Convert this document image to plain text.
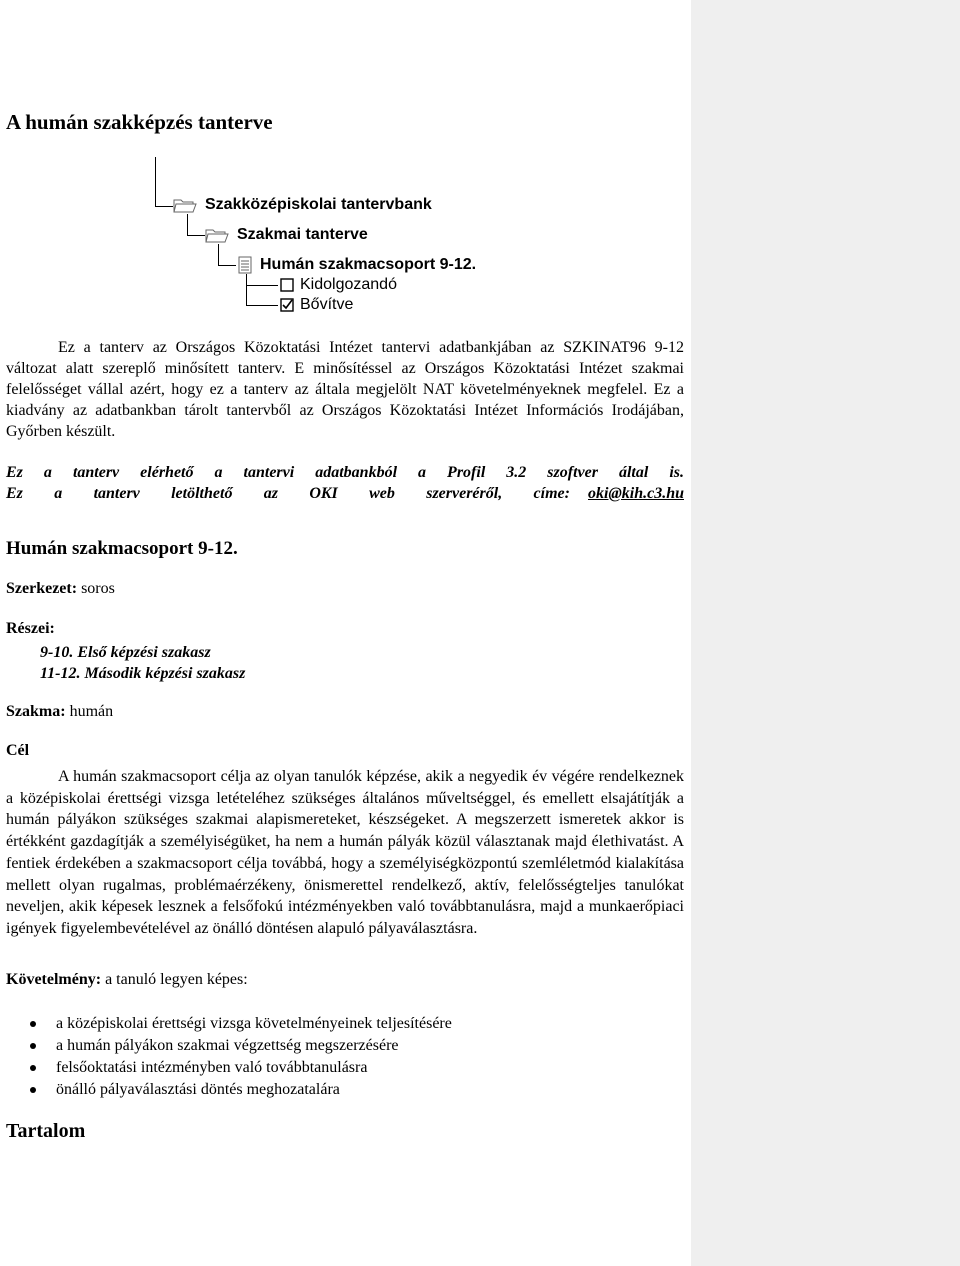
A humán szakképzés tanterve
Szakközépiskolai tantervbank
Szakmai tanterve
Humán szakmacsoport 9-12.
Kidolgozandó
Bővítve

Ez a tanterv az Országos Közoktatási Intézet tantervi adatbankjában az SZKINAT96 9-12 változat alatt szereplő minősített tanterv. E minősítéssel az Országos Közoktatási Intézet szakmai felelősséget vállal azért, hogy ez a tanterv az általa megjelölt NAT követelményeknek megfelel. Ez a kiadvány az adatbankban tárolt tantervből az Országos Közoktatási Intézet Információs Irodájában, Győrben készült.

Ez a tanterv elérhető a tantervi adatbankból a Profil 3.2 szoftver által is.
Ez a tanterv letölthető az OKI web szerveréről, címe: oki@kih.c3.hu
Humán szakmacsoport 9-12.
Szerkezet: soros
Részei:
9-10. Első képzési szakasz
11-12. Második képzési szakasz
Szakma: humán
Cél

A humán szakmacsoport célja az olyan tanulók képzése, akik a negyedik év végére rendelkeznek a középiskolai érettségi vizsga letételéhez szükséges általános műveltséggel, és emellett elsajátítják a humán pályákon szükséges szakmai alapismereteket, készségeket. A megszerzett ismeretek akkor is értékként gazdagítják a személyiségüket, ha nem a humán pályák közül választanak majd élethivatást. A fentiek érdekében a szakmacsoport célja továbbá, hogy a személyiségközpontú szemléletmód kialakítása mellett olyan rugalmas, problémaérzékeny, önismerettel rendelkező, aktív, felelősségteljes tanulókat neveljen, akik képesek lesznek a felsőfokú intézményekben való továbbtanulásra, majd a munkaerőpiaci igények figyelembevételével az önálló döntésen alapuló pályaválasztásra.

Követelmény: a tanuló legyen képes:
a középiskolai érettségi vizsga követelményeinek teljesítésére
a humán pályákon szakmai végzettség megszerzésére
felsőoktatási intézményben való továbbtanulásra
önálló pályaválasztási döntés meghozatalára
Tartalom
